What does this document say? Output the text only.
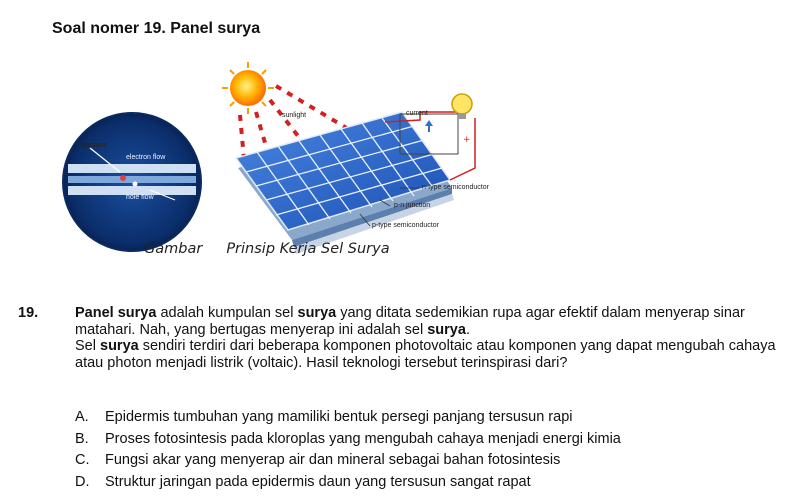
Soal nomer 19. Panel surya
+
photons
electron flow
hole flow
sunlight	current
n-type semiconductor
p-n junction
p-type semiconductor
Gambar Prinsip Kerja Sel Surya
19.	Panel surya adalah kumpulan sel surya yang ditata sedemikian rupa agar efektif dalam menyerap sinar matahari. Nah, yang bertugas menyerap ini adalah sel surya.
Sel surya sendiri terdiri dari beberapa komponen photovoltaic atau komponen yang dapat mengubah cahaya atau photon menjadi listrik (voltaic). Hasil teknologi tersebut terinspirasi dari?
A.	Epidermis tumbuhan yang mamiliki bentuk persegi panjang tersusun rapi
B.	Proses fotosintesis pada kloroplas yang mengubah cahaya menjadi energi kimia
C.	Fungsi akar yang menyerap air dan mineral sebagai bahan fotosintesis
D.	Struktur jaringan pada epidermis daun yang tersusun sangat rapat
